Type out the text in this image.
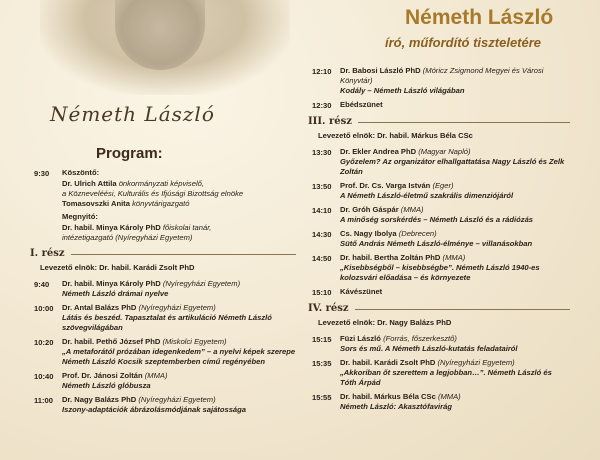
Németh László
Németh László
író, műfordító tiszteletére
Program:
9:30	Köszöntő:
Dr. Ulrich Attila önkormányzati képviselő,
a Közneveléési, Kulturális és Ifjúsági Bizottság elnöke
Tomasovszki Anita könyvtárigazgató
Megnyitó:
Dr. habil. Minya Károly PhD főiskolai tanár,
intézetigazgató (Nyíregyházi Egyetem)
I. rész
Levezető elnök: Dr. habil. Karádi Zsolt PhD
9:40	Dr. habil. Minya Károly PhD (Nyíregyházi Egyetem)
Németh László drámai nyelve
10:00	Dr. Antal Balázs PhD (Nyíregyházi Egyetem)
Látás és beszéd. Tapasztalat és artikuláció Németh László szövegvilágában
10:20	Dr. habil. Pethő József PhD (Miskolci Egyetem)
„A metaforától prózában idegenkedem” – a nyelvi képek szerepe Németh László Kocsik szeptemberben című regényében
10:40	Prof. Dr. Jánosi Zoltán (MMA)
Németh László glóbusza
11:00	Dr. Nagy Balázs PhD (Nyíregyházi Egyetem)
Iszony-adaptációk ábrázolásmódjának sajátossága
12:10	Dr. Babosi László PhD (Móricz Zsigmond Megyei és Városi Könyvtár)
Kodály – Németh László világában
12:30	Ebédszünet
III. rész
Levezető elnök: Dr. habil. Márkus Béla CSc
13:30	Dr. Ekler Andrea PhD (Magyar Napló)
Győzelem? Az organizátor elhallgattatása Nagy László és Zelk Zoltán
13:50	Prof. Dr. Cs. Varga István (Eger)
A Németh László-életmű szakrális dimenziójáról
14:10	Dr. Gróh Gáspár (MMA)
A minőség sorskérdés – Németh László és a rádiózás
14:30	Cs. Nagy Ibolya (Debrecen)
Sütő András Németh László-élménye – villanásokban
14:50	Dr. habil. Bertha Zoltán PhD (MMA)
„Kisebbségből – kisebbségbe”. Németh László 1940-es kolozsvári előadása – és környezete
15:10	Kávészünet
IV. rész
Levezető elnök: Dr. Nagy Balázs PhD
15:15	Füzi László (Forrás, főszerkesztő)
Sors és mű. A Németh László-kutatás feladatairól
15:35	Dr. habil. Karádi Zsolt PhD (Nyíregyházi Egyetem)
„Akkoriban őt szerettem a legjobban…”. Németh László és Tóth Árpád
15:55	Dr. habil. Márkus Béla CSc (MMA)
Németh László: Akasztófavirág
